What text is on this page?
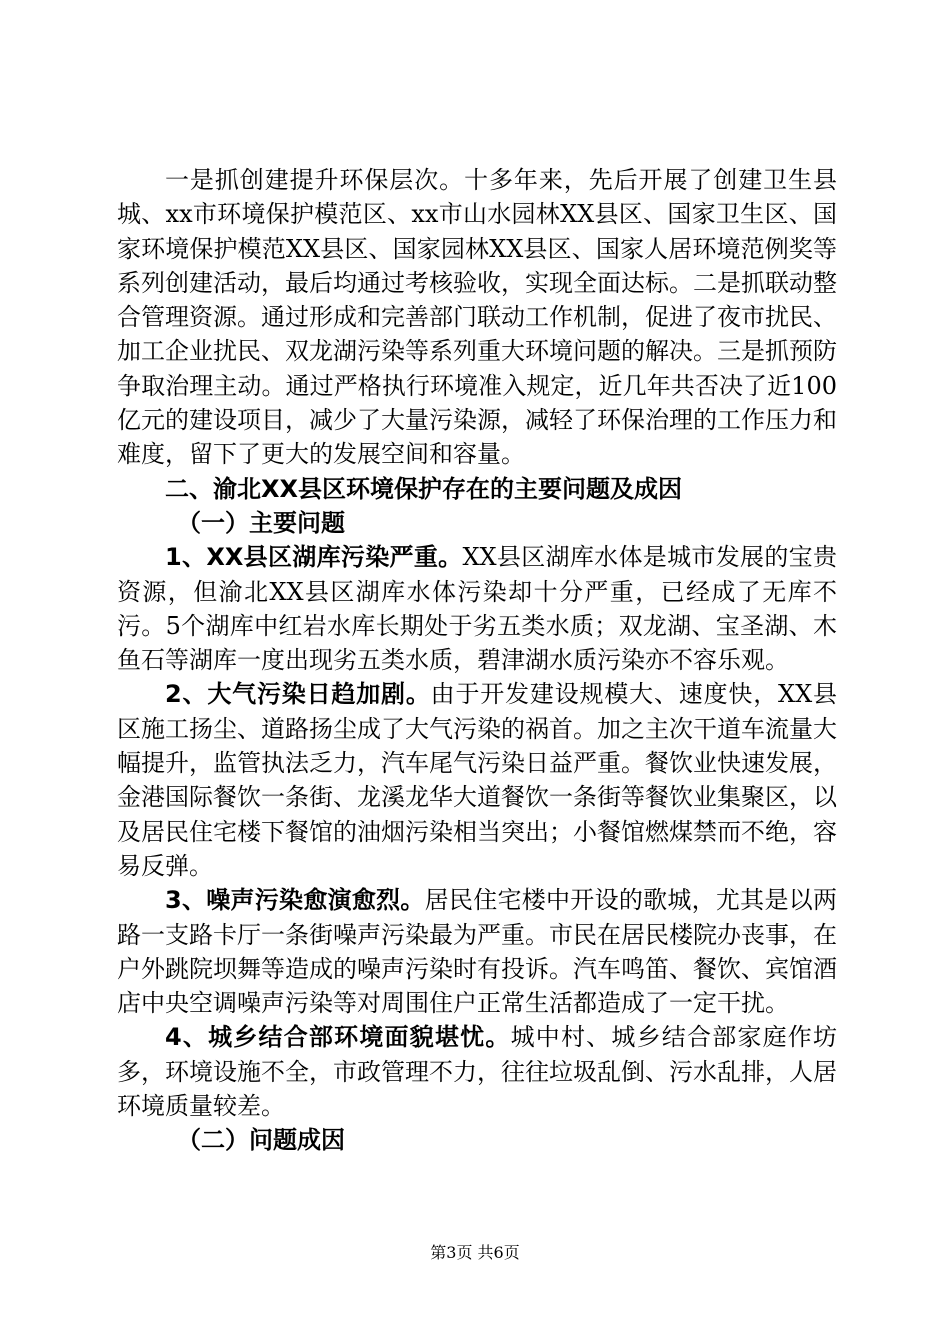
一是抓创建提升环保层次。十多年来，先后开展了创建卫生县城、xx市环境保护模范区、xx市山水园林XX县区、国家卫生区、国家环境保护模范XX县区、国家园林XX县区、国家人居环境范例奖等系列创建活动，最后均通过考核验收，实现全面达标。二是抓联动整合管理资源。通过形成和完善部门联动工作机制，促进了夜市扰民、加工企业扰民、双龙湖污染等系列重大环境问题的解决。三是抓预防争取治理主动。通过严格执行环境准入规定，近几年共否决了近100亿元的建设项目，减少了大量污染源，减轻了环保治理的工作压力和难度，留下了更大的发展空间和容量。

二、渝北XX县区环境保护存在的主要问题及成因

（一）主要问题

1、XX县区湖库污染严重。XX县区湖库水体是城市发展的宝贵资源，但渝北XX县区湖库水体污染却十分严重，已经成了无库不污。5个湖库中红岩水库长期处于劣五类水质；双龙湖、宝圣湖、木鱼石等湖库一度出现劣五类水质，碧津湖水质污染亦不容乐观。

2、大气污染日趋加剧。由于开发建设规模大、速度快，XX县区施工扬尘、道路扬尘成了大气污染的祸首。加之主次干道车流量大幅提升，监管执法乏力，汽车尾气污染日益严重。餐饮业快速发展，金港国际餐饮一条街、龙溪龙华大道餐饮一条街等餐饮业集聚区，以及居民住宅楼下餐馆的油烟污染相当突出；小餐馆燃煤禁而不绝，容易反弹。

3、噪声污染愈演愈烈。居民住宅楼中开设的歌城，尤其是以两路一支路卡厅一条街噪声污染最为严重。市民在居民楼院办丧事，在户外跳院坝舞等造成的噪声污染时有投诉。汽车鸣笛、餐饮、宾馆酒店中央空调噪声污染等对周围住户正常生活都造成了一定干扰。

4、城乡结合部环境面貌堪忧。城中村、城乡结合部家庭作坊多，环境设施不全，市政管理不力，往往垃圾乱倒、污水乱排，人居环境质量较差。

（二）问题成因

第3页 共6页
